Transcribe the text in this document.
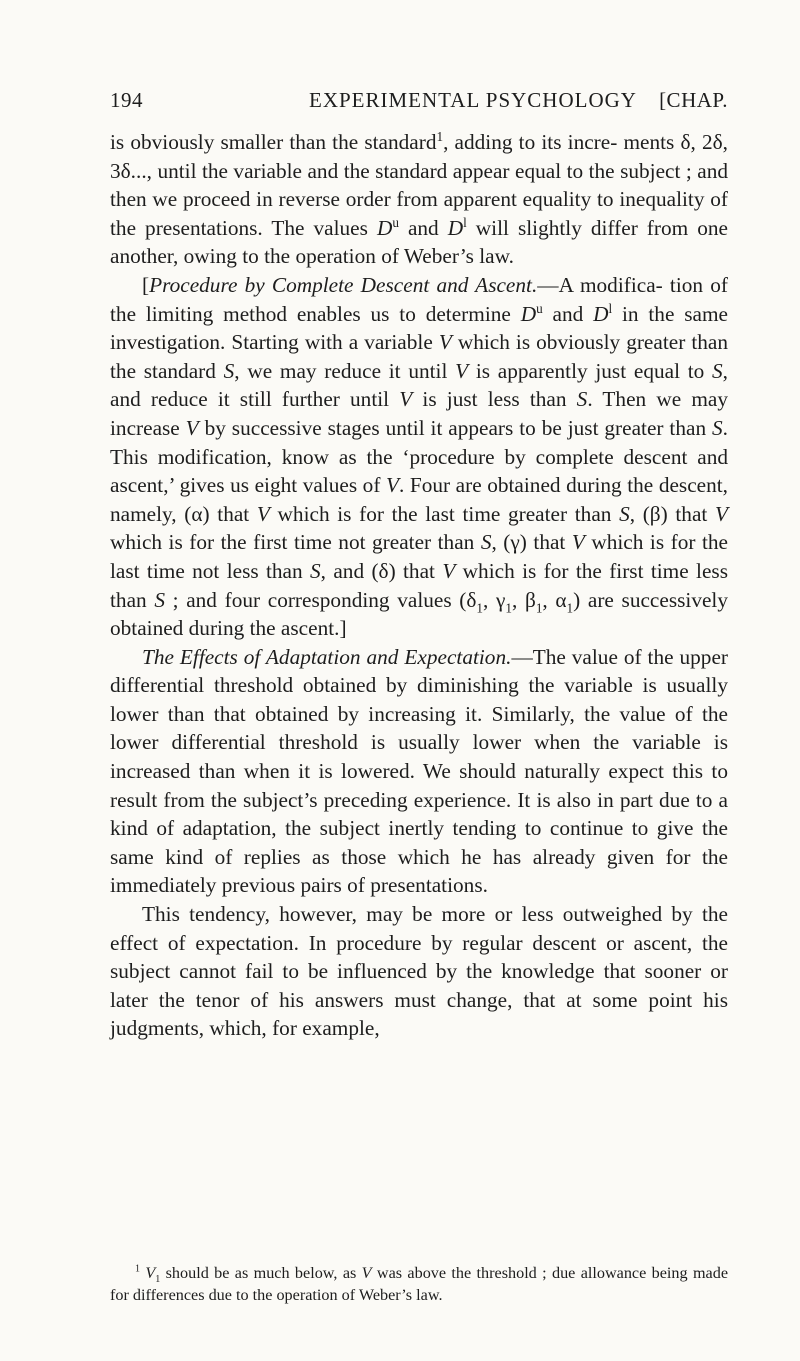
194	EXPERIMENTAL PSYCHOLOGY [CHAP.

is obviously smaller than the standard$^1$, adding to its incre- ments δ, 2δ, 3δ..., until the variable and the standard appear equal to the subject ; and then we proceed in reverse order from apparent equality to inequality of the presentations. The values $D^u$ and $D^l$ will slightly differ from one another, owing to the operation of Weber’s law.

[Procedure by Complete Descent and Ascent.—A modifica- tion of the limiting method enables us to determine $D^u$ and $D^l$ in the same investigation. Starting with a variable V which is obviously greater than the standard S, we may reduce it until V is apparently just equal to S, and reduce it still further until V is just less than S. Then we may increase V by successive stages until it appears to be just greater than S. This modification, know as the ‘procedure by complete descent and ascent,’ gives us eight values of V. Four are obtained during the descent, namely, (α) that V which is for the last time greater than S, (β) that V which is for the first time not greater than S, (γ) that V which is for the last time not less than S, and (δ) that V which is for the first time less than S ; and four corresponding values ($\delta_1$, $\gamma_1$, $\beta_1$, $\alpha_1$) are successively obtained during the ascent.]

The Effects of Adaptation and Expectation.—The value of the upper differential threshold obtained by diminishing the variable is usually lower than that obtained by increasing it. Similarly, the value of the lower differential threshold is usually lower when the variable is increased than when it is lowered. We should naturally expect this to result from the subject’s preceding experience. It is also in part due to a kind of adaptation, the subject inertly tending to continue to give the same kind of replies as those which he has already given for the immediately previous pairs of presentations.

This tendency, however, may be more or less outweighed by the effect of expectation. In procedure by regular descent or ascent, the subject cannot fail to be influenced by the knowledge that sooner or later the tenor of his answers must change, that at some point his judgments, which, for example,

$^1$ $V_1$ should be as much below, as V was above the threshold ; due allowance being made for differences due to the operation of Weber’s law.
